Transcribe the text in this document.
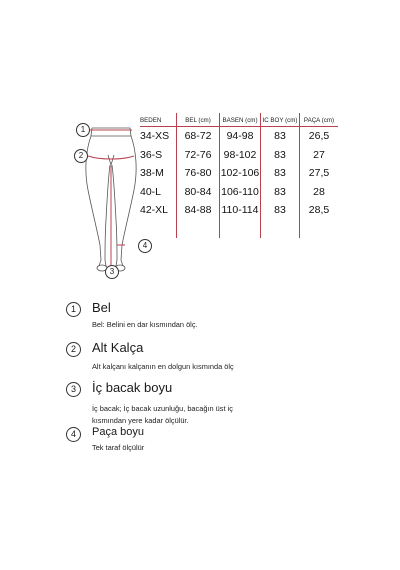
1
2
3
4
BEDEN	BEL (cm)	BASEN (cm)	IC BOY (cm)	PAÇA (cm)
34-XS	68-72	94-98	83	26,5
36-S	72-76	98-102	83	27
38-M	76-80	102-106	83	27,5
40-L	80-84	106-110	83	28
42-XL	84-88	110-114	83	28,5

1	Bel
Bel: Belini en dar kısmından ölç.
2	Alt Kalça
Alt kalçanı kalçanın en dolgun kısmında ölç
3	İç bacak boyu
İç bacak; İç bacak uzunluğu, bacağın üst iç kısmından yere kadar ölçülür.
4	Paça boyu
Tek taraf ölçülür
